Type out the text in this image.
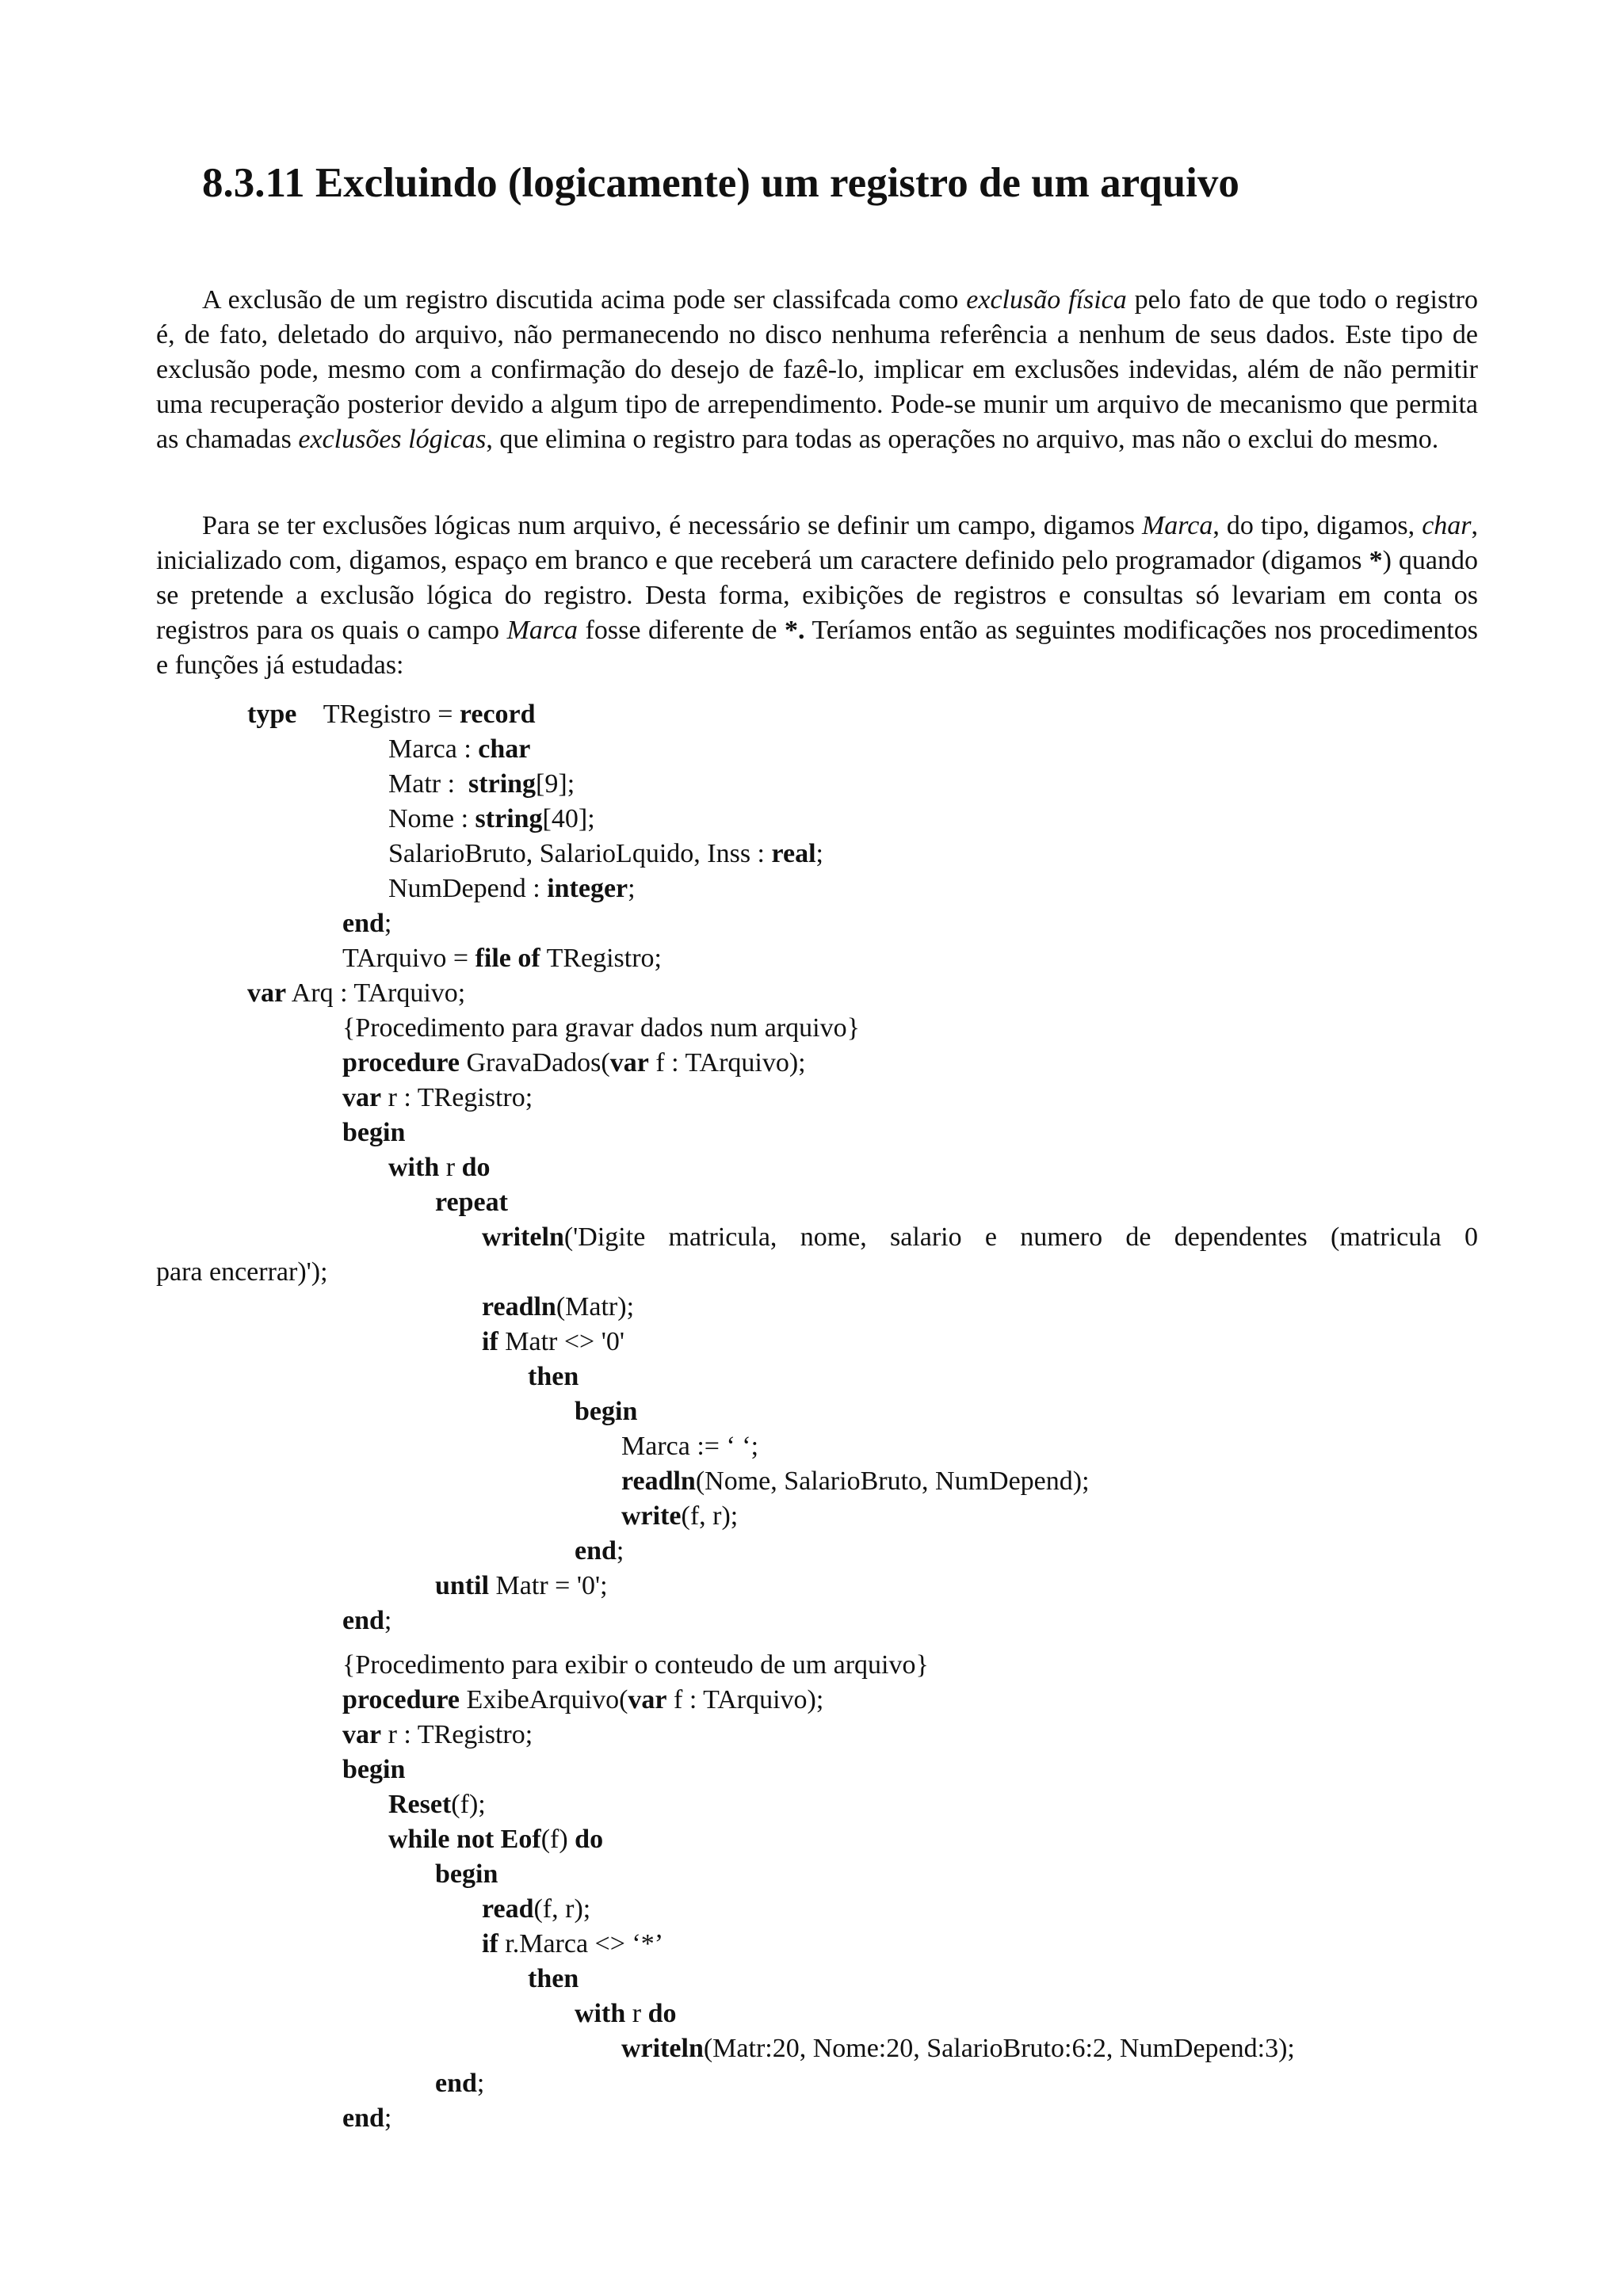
8.3.11 Excluindo (logicamente) um registro de um arquivo

A exclusão de um registro discutida acima pode ser classifcada como exclusão física pelo fato de que todo o registro é, de fato, deletado do arquivo, não permanecendo no disco nenhuma referência a nenhum de seus dados. Este tipo de exclusão pode, mesmo com a confirmação do desejo de fazê-lo, implicar em exclusões indevidas, além de não permitir uma recuperação posterior devido a algum tipo de arrependimento. Pode-se munir um arquivo de mecanismo que permita as chamadas exclusões lógicas, que elimina o registro para todas as operações no arquivo, mas não o exclui do mesmo.

Para se ter exclusões lógicas num arquivo, é necessário se definir um campo, digamos Marca, do tipo, digamos, char, inicializado com, digamos, espaço em branco e que receberá um caractere definido pelo programador (digamos *) quando se pretende a exclusão lógica do registro. Desta forma, exibições de registros e consultas só levariam em conta os registros para os quais o campo Marca fosse diferente de *. Teríamos então as seguintes modificações nos procedimentos e funções já estudadas:

type    TRegistro = record
Marca : char
Matr :  string[9];
Nome : string[40];
SalarioBruto, SalarioLquido, Inss : real;
NumDepend : integer;
end;
TArquivo = file of TRegistro;
var Arq : TArquivo;
{Procedimento para gravar dados num arquivo}
procedure GravaDados(var f : TArquivo);
var r : TRegistro;
begin
with r do
repeat
writeln('Digite  matricula,  nome,  salario  e  numero  de  dependentes  (matricula  0
para encerrar)');
readln(Matr);
if Matr <> '0'
then
begin
Marca := ‘ ‘;
readln(Nome, SalarioBruto, NumDepend);
write(f, r);
end;
until Matr = '0';
end;
{Procedimento para exibir o conteudo de um arquivo}
procedure ExibeArquivo(var f : TArquivo);
var r : TRegistro;
begin
Reset(f);
while not Eof(f) do
begin
read(f, r);
if r.Marca <> ‘*’
then
with r do
writeln(Matr:20, Nome:20, SalarioBruto:6:2, NumDepend:3);
end;
end;
